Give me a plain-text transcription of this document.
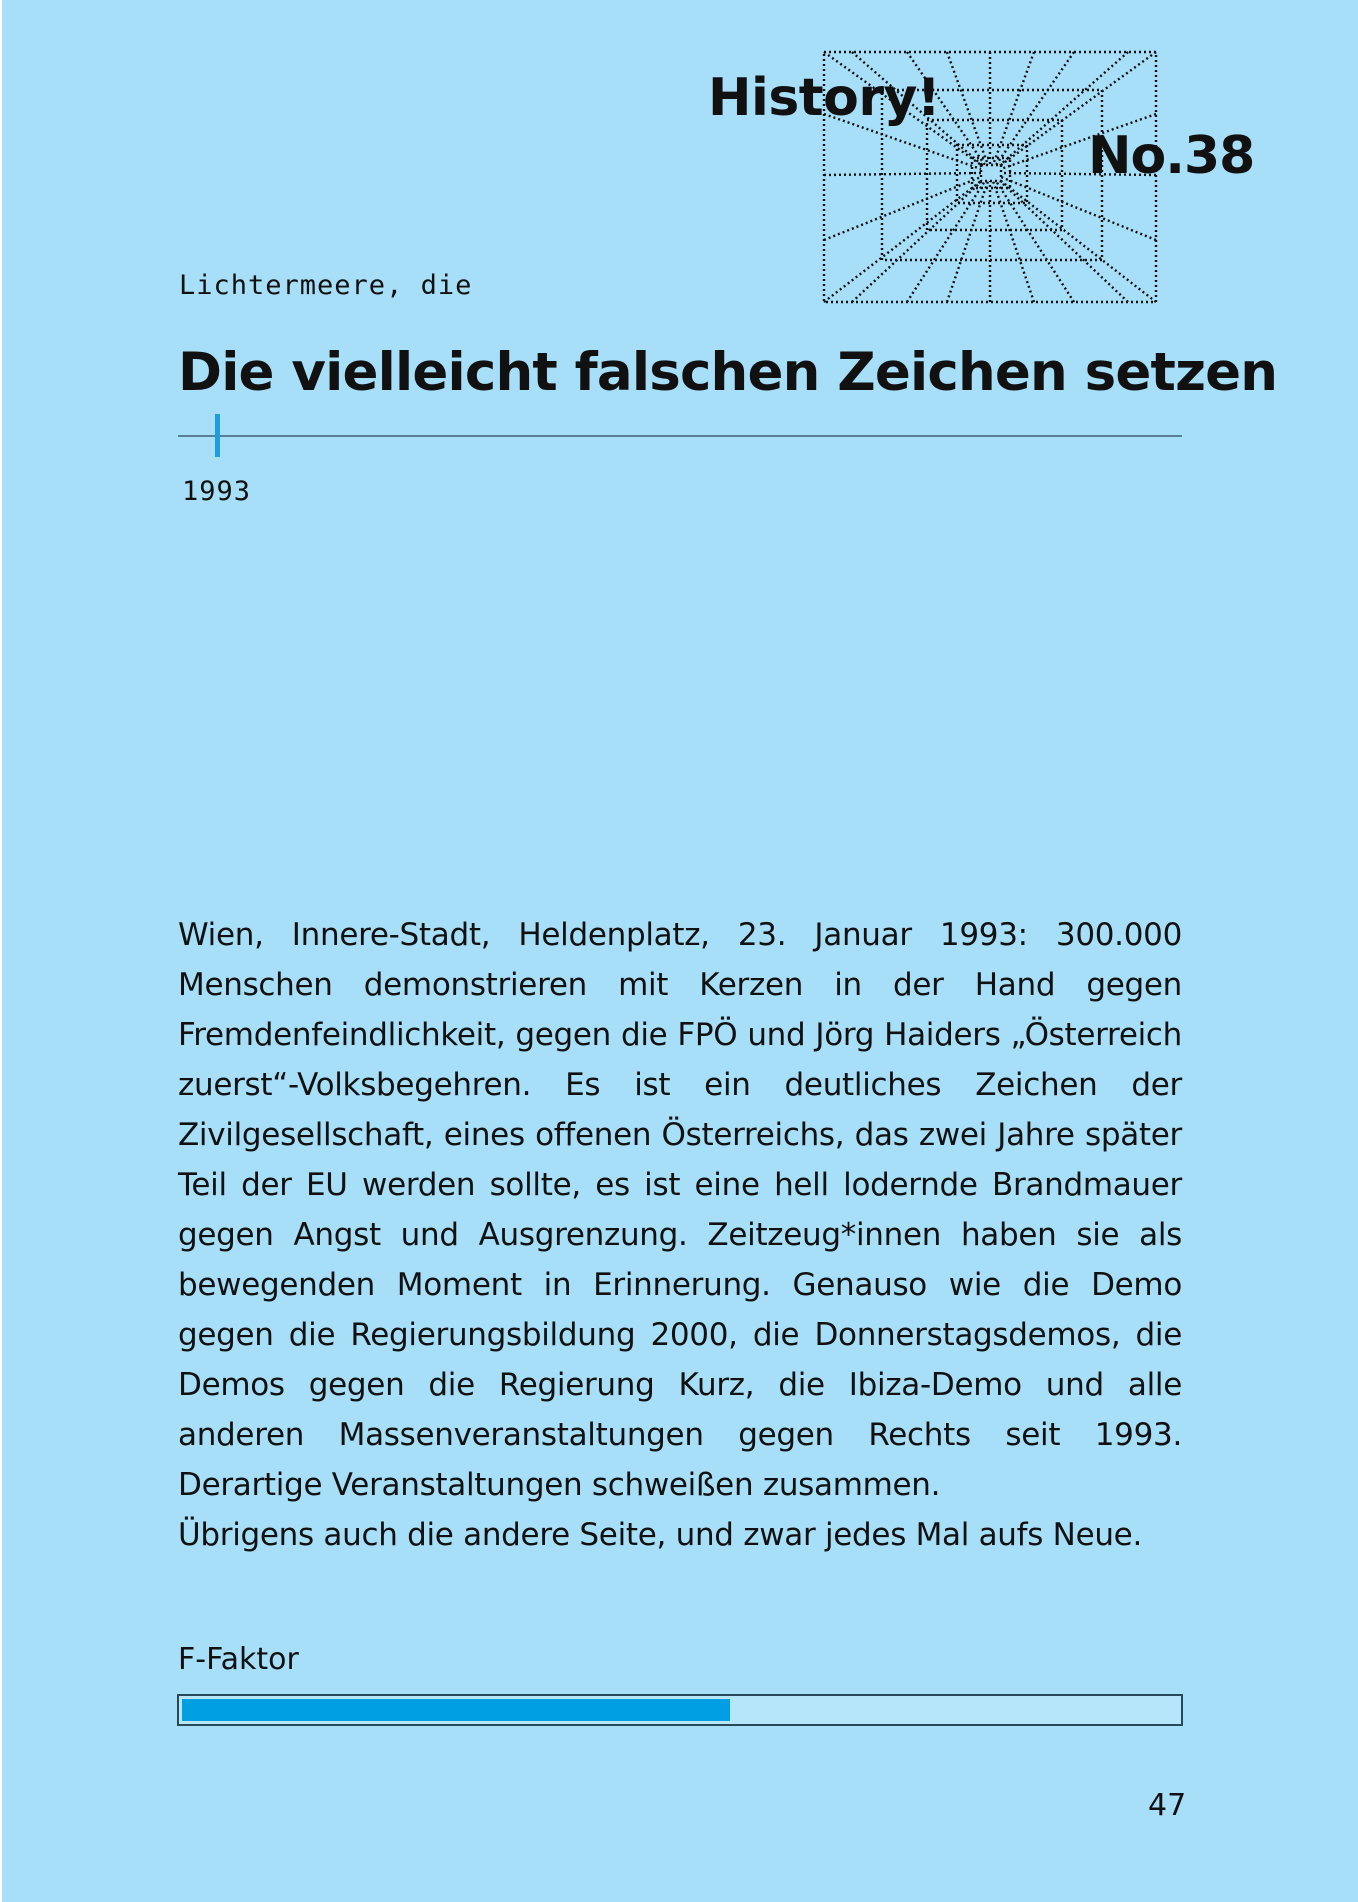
History!
No.38
Lichtermeere, die
Die vielleicht falschen Zeichen setzen
1993

Wien, Innere-Stadt, Heldenplatz, 23. Januar 1993: 300.000 Menschen demonstrieren mit Kerzen in der Hand gegen Fremdenfeindlichkeit, gegen die FPÖ und Jörg Haiders „Österreich zuerst“-Volksbegehren. Es ist ein deutliches Zeichen der Zivilgesellschaft, eines offenen Österreichs, das zwei Jahre später Teil der EU werden sollte, es ist eine hell lodernde Brandmauer gegen Angst und Ausgrenzung. Zeitzeug*innen haben sie als bewegenden Moment in Erinnerung. Genauso wie die Demo gegen die Regierungsbildung 2000, die Donnerstagsdemos, die Demos gegen die Regierung Kurz, die Ibiza-Demo und alle anderen Massenveranstaltungen gegen Rechts seit 1993. Derartige Veranstaltungen schweißen zusammen.

Übrigens auch die andere Seite, und zwar jedes Mal aufs Neue.

F-Faktor
47
